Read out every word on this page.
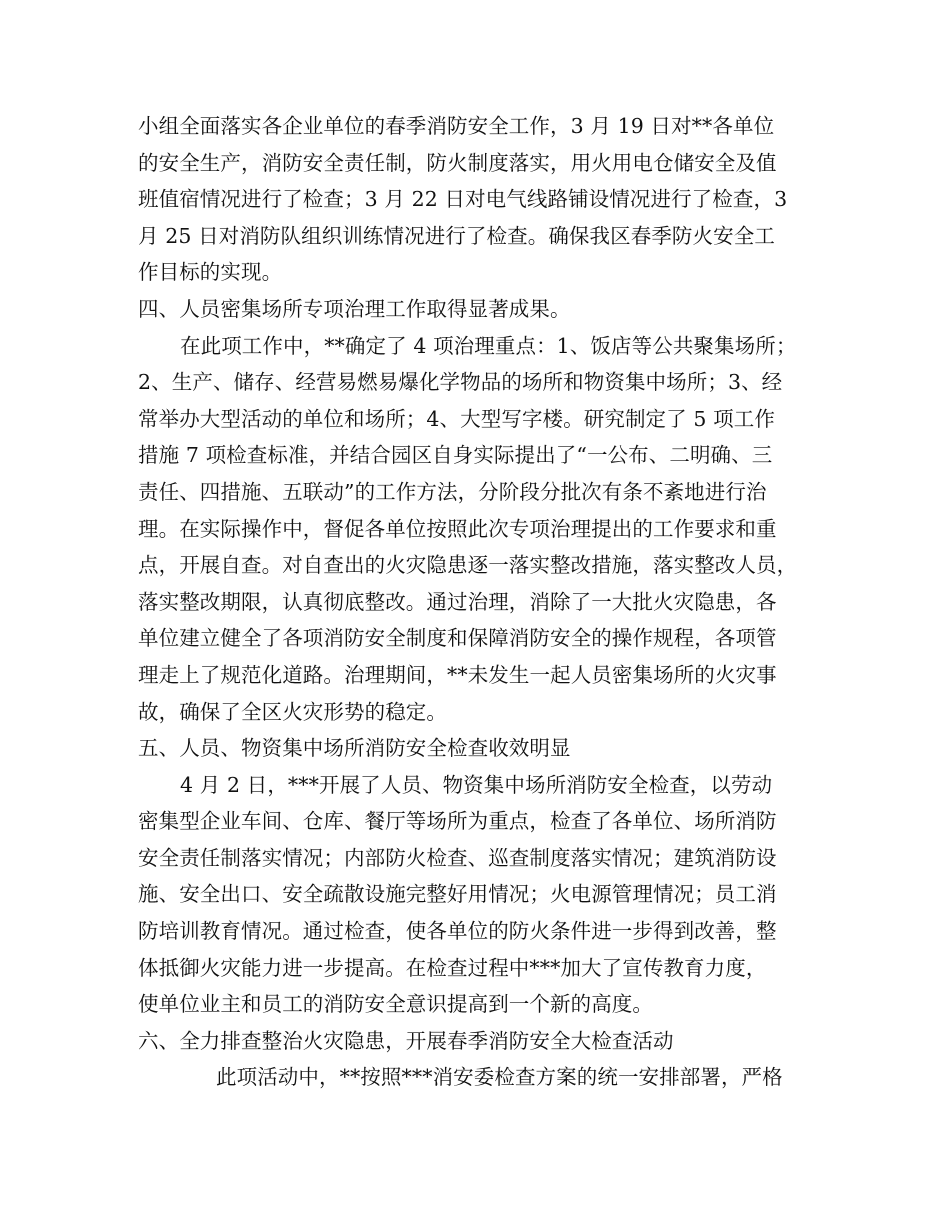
小组全面落实各企业单位的春季消防安全工作，3 月 19 日对**各单位
的安全生产，消防安全责任制，防火制度落实，用火用电仓储安全及值
班值宿情况进行了检查；3 月 22 日对电气线路铺设情况进行了检查，3
月 25 日对消防队组织训练情况进行了检查。确保我区春季防火安全工
作目标的实现。
四、人员密集场所专项治理工作取得显著成果。
在此项工作中，**确定了 4 项治理重点：1、饭店等公共聚集场所；
2、生产、储存、经营易燃易爆化学物品的场所和物资集中场所；3、经
常举办大型活动的单位和场所；4、大型写字楼。研究制定了 5 项工作
措施 7 项检查标准，并结合园区自身实际提出了“一公布、二明确、三
责任、四措施、五联动”的工作方法，分阶段分批次有条不紊地进行治
理。在实际操作中，督促各单位按照此次专项治理提出的工作要求和重
点，开展自查。对自查出的火灾隐患逐一落实整改措施，落实整改人员，
落实整改期限，认真彻底整改。通过治理，消除了一大批火灾隐患，各
单位建立健全了各项消防安全制度和保障消防安全的操作规程，各项管
理走上了规范化道路。治理期间，**未发生一起人员密集场所的火灾事
故，确保了全区火灾形势的稳定。
五、人员、物资集中场所消防安全检查收效明显
4 月 2 日，***开展了人员、物资集中场所消防安全检查，以劳动
密集型企业车间、仓库、餐厅等场所为重点，检查了各单位、场所消防
安全责任制落实情况；内部防火检查、巡查制度落实情况；建筑消防设
施、安全出口、安全疏散设施完整好用情况；火电源管理情况；员工消
防培训教育情况。通过检查，使各单位的防火条件进一步得到改善，整
体抵御火灾能力进一步提高。在检查过程中***加大了宣传教育力度，
使单位业主和员工的消防安全意识提高到一个新的高度。
六、全力排查整治火灾隐患，开展春季消防安全大检查活动
此项活动中，**按照***消安委检查方案的统一安排部署，严格
